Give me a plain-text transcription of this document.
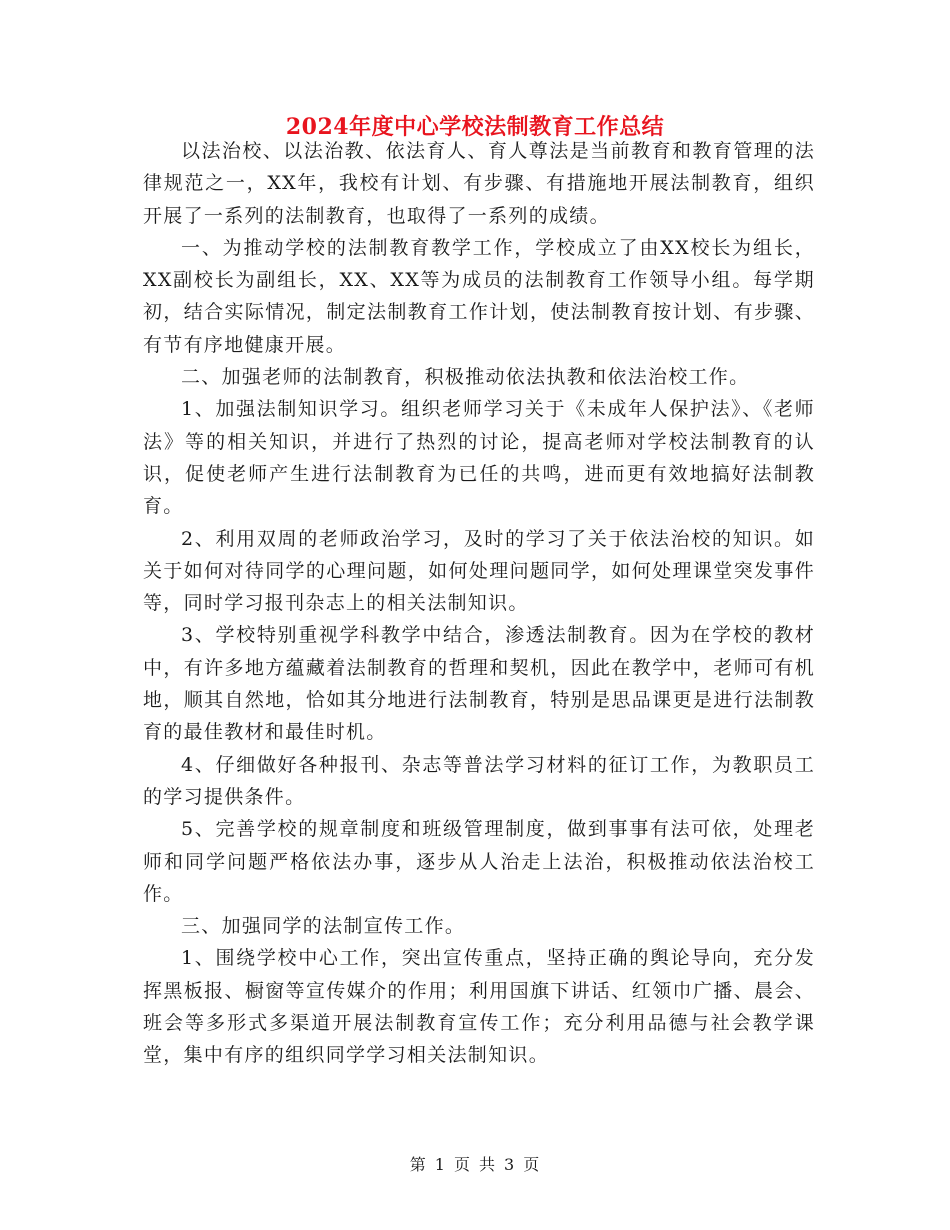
2024年度中心学校法制教育工作总结

以法治校、以法治教、依法育人、育人尊法是当前教育和教育管理的法律规范之一，XX年，我校有计划、有步骤、有措施地开展法制教育，组织开展了一系列的法制教育，也取得了一系列的成绩。

一、为推动学校的法制教育教学工作，学校成立了由XX校长为组长，XX副校长为副组长，XX、XX等为成员的法制教育工作领导小组。每学期初，结合实际情况，制定法制教育工作计划，使法制教育按计划、有步骤、有节有序地健康开展。

二、加强老师的法制教育，积极推动依法执教和依法治校工作。

1、加强法制知识学习。组织老师学习关于《未成年人保护法》、《老师法》等的相关知识，并进行了热烈的讨论，提高老师对学校法制教育的认识，促使老师产生进行法制教育为已任的共鸣，进而更有效地搞好法制教育。

2、利用双周的老师政治学习，及时的学习了关于依法治校的知识。如关于如何对待同学的心理问题，如何处理问题同学，如何处理课堂突发事件等，同时学习报刊杂志上的相关法制知识。

3、学校特别重视学科教学中结合，渗透法制教育。因为在学校的教材中，有许多地方蕴藏着法制教育的哲理和契机，因此在教学中，老师可有机地，顺其自然地，恰如其分地进行法制教育，特别是思品课更是进行法制教育的最佳教材和最佳时机。

4、仔细做好各种报刊、杂志等普法学习材料的征订工作，为教职员工的学习提供条件。

5、完善学校的规章制度和班级管理制度，做到事事有法可依，处理老师和同学问题严格依法办事，逐步从人治走上法治，积极推动依法治校工作。

三、加强同学的法制宣传工作。

1、围绕学校中心工作，突出宣传重点，坚持正确的舆论导向，充分发挥黑板报、橱窗等宣传媒介的作用；利用国旗下讲话、红领巾广播、晨会、班会等多形式多渠道开展法制教育宣传工作；充分利用品德与社会教学课堂，集中有序的组织同学学习相关法制知识。

第 1 页 共 3 页
